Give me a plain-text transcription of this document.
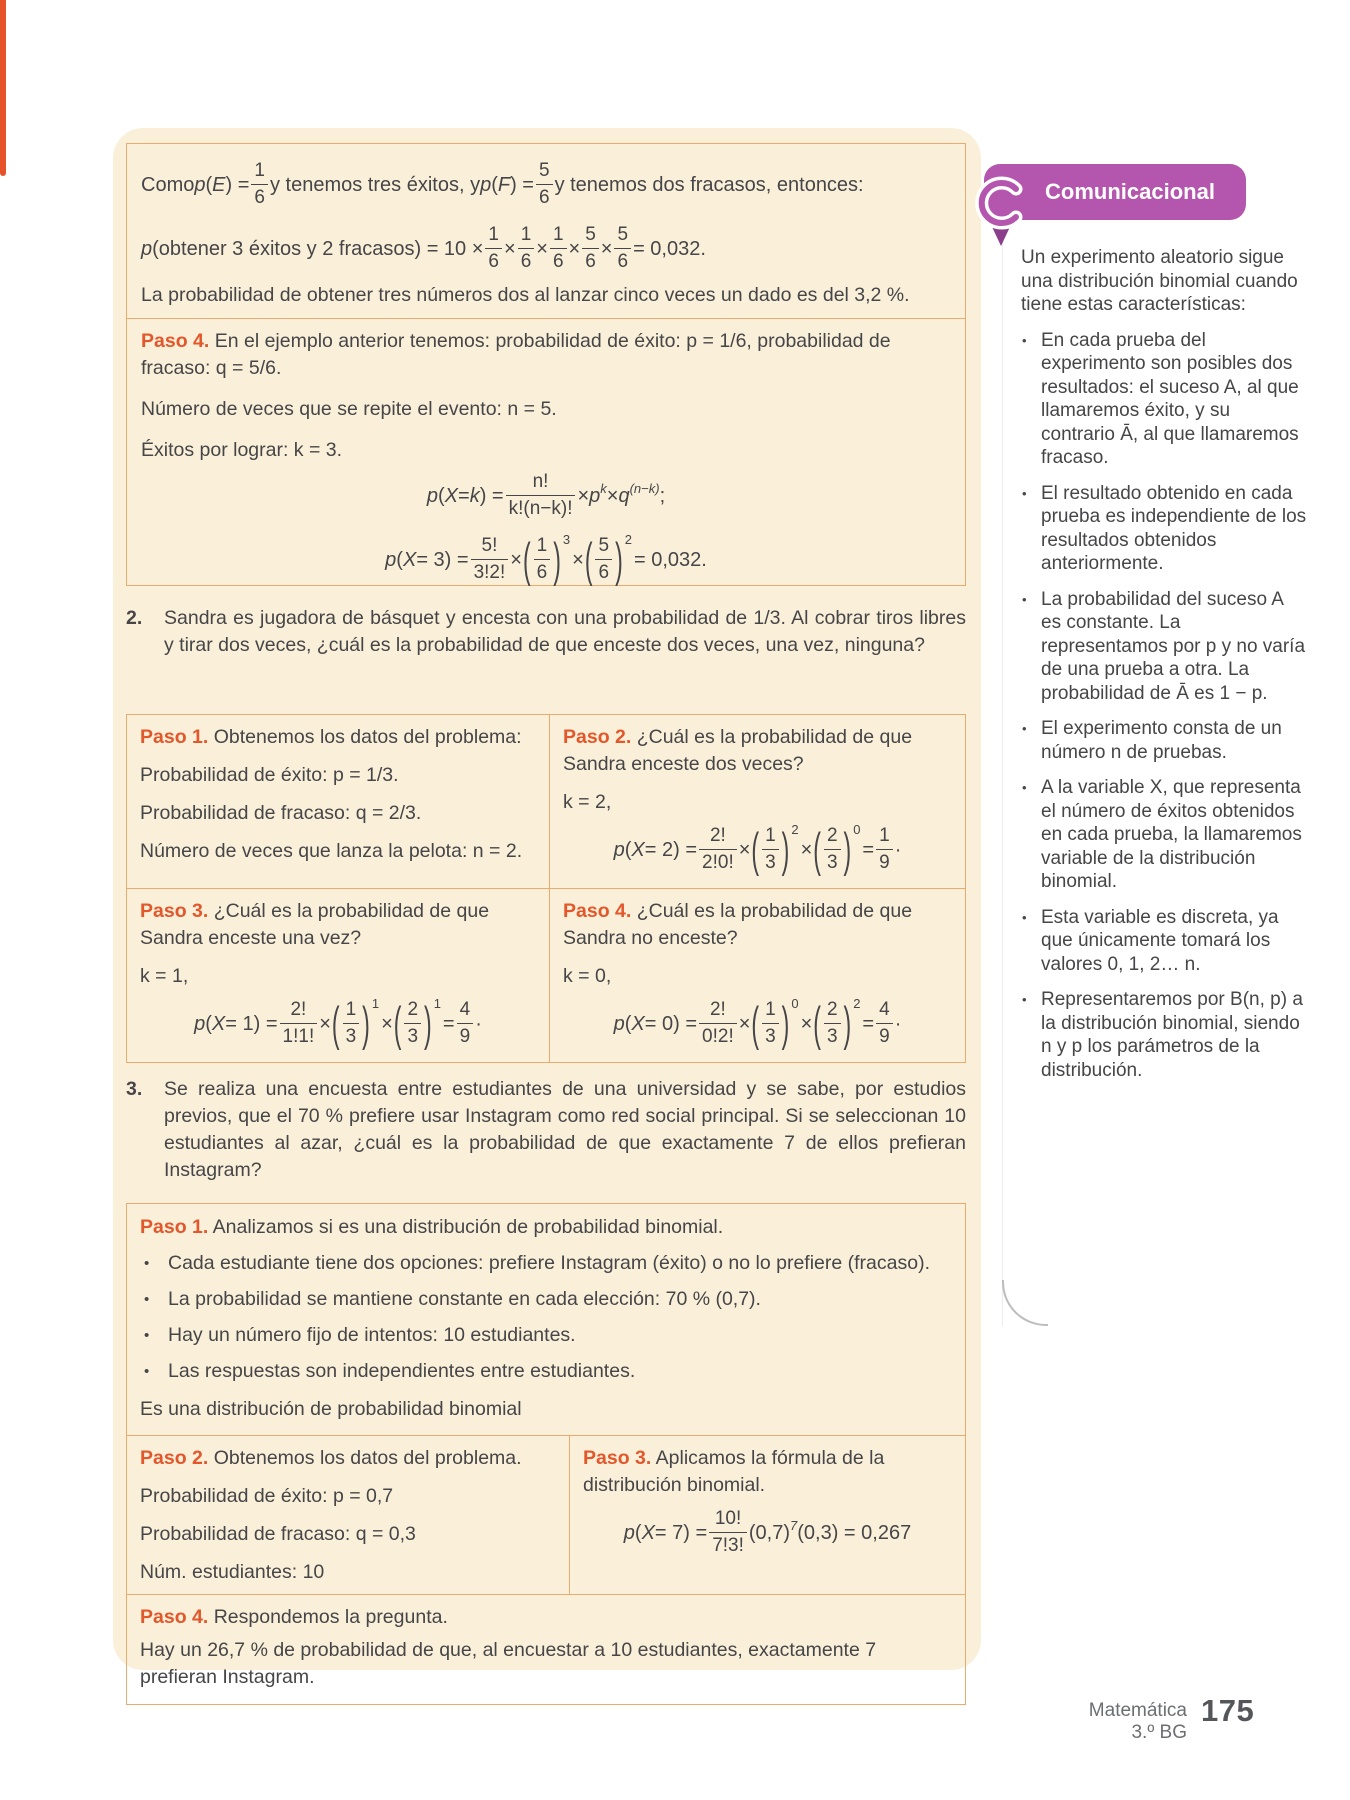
Como p ( E ) = $\frac{1}{6}$ y tenemos tres éxitos, y p ( F ) = $\frac{5}{6}$ y tenemos dos fracasos, entonces:
p (obtener 3 éxitos y 2 fracasos) = $10 \times \frac{1}{6} \times \frac{1}{6} \times \frac{1}{6} \times \frac{5}{6} \times \frac{5}{6} = 0,032$.

La probabilidad de obtener tres números dos al lanzar cinco veces un dado es del 3,2 %.

Paso 4. En el ejemplo anterior tenemos: probabilidad de éxito: p = 1/6, probabilidad de fracaso: q = 5/6.

Número de veces que se repite el evento: n = 5.

Éxitos por lograr: k = 3.

p ( X = k ) = $\frac{n!}{k!(n-k)!} \times p$ k × q (n−k) ;
p ( $X = 3) = \frac{5!}{3!2!}$ × ( $\frac{1}{6}$ ) 3
× ( $\frac{5}{6}$ ) 2
= 0,032.
2.	Sandra es jugadora de básquet y encesta con una probabilidad de 1/3. Al cobrar tiros libres y tirar dos veces, ¿cuál es la probabilidad de que enceste dos veces, una vez, ninguna?

Paso 1. Obtenemos los datos del problema:

Probabilidad de éxito: p = 1/3.

Probabilidad de fracaso: q = 2/3.

Número de veces que lanza la pelota: n = 2.

Paso 2. ¿Cuál es la probabilidad de que Sandra enceste dos veces?

k = 2,

p ( $X = 2) = \frac{2!}{2!0!}$ × ( $\frac{1}{3}$ ) 2
× ( $\frac{2}{3}$ ) 0
= $\frac{1}{9}$ ·

Paso 3. ¿Cuál es la probabilidad de que Sandra enceste una vez?

k = 1,

p ( $X = 1) = \frac{2!}{1!1!}$ × ( $\frac{1}{3}$ ) 1
× ( $\frac{2}{3}$ ) 1
= $\frac{4}{9}$ ·

Paso 4. ¿Cuál es la probabilidad de que Sandra no enceste?

k = 0,

p ( $X = 0) = \frac{2!}{0!2!}$ × ( $\frac{1}{3}$ ) 0
× ( $\frac{2}{3}$ ) 2
= $\frac{4}{9}$ ·
3.	Se realiza una encuesta entre estudiantes de una universidad y se sabe, por estudios previos, que el 70 % prefiere usar Instagram como red social principal. Si se seleccionan 10 estudiantes al azar, ¿cuál es la probabilidad de que exactamente 7 de ellos prefieran Instagram?

Paso 1. Analizamos si es una distribución de probabilidad binomial.

• Cada estudiante tiene dos opciones: prefiere Instagram (éxito) o no lo prefiere (fracaso).

• La probabilidad se mantiene constante en cada elección: 70 % (0,7).

• Hay un número fijo de intentos: 10 estudiantes.

• Las respuestas son independientes entre estudiantes.

Es una distribución de probabilidad binomial

Paso 2. Obtenemos los datos del problema.

Probabilidad de éxito: p = 0,7

Probabilidad de fracaso: q = 0,3

Núm. estudiantes: 10

Paso 3. Aplicamos la fórmula de la distribución binomial.

p ( $X = 7) = \frac{10!}{7!3!} (0,7)$ 7 (0,3) = 0,267

Paso 4. Respondemos la pregunta.

Hay un 26,7 % de probabilidad de que, al encuestar a 10 estudiantes, exactamente 7 prefieran Instagram.

Comunicacional

Un experimento aleatorio sigue una distribución binomial cuando tiene estas características:

• En cada prueba del experimento son posibles dos resultados: el suceso A, al que llamaremos éxito, y su contrario Ā, al que llamaremos fracaso.
• El resultado obtenido en cada prueba es independiente de los resultados obtenidos anteriormente.
• La probabilidad del suceso A es constante. La representamos por p y no varía de una prueba a otra. La probabilidad de Ā es 1 − p.
• El experimento consta de un número n de pruebas.
• A la variable X, que representa el número de éxitos obtenidos en cada prueba, la llamaremos variable de la distribución binomial.
• Esta variable es discreta, ya que únicamente tomará los valores 0, 1, 2… n.
• Representaremos por B(n, p) a la distribución binomial, siendo n y p los parámetros de la distribución.
Matemática
3.º BG
175
